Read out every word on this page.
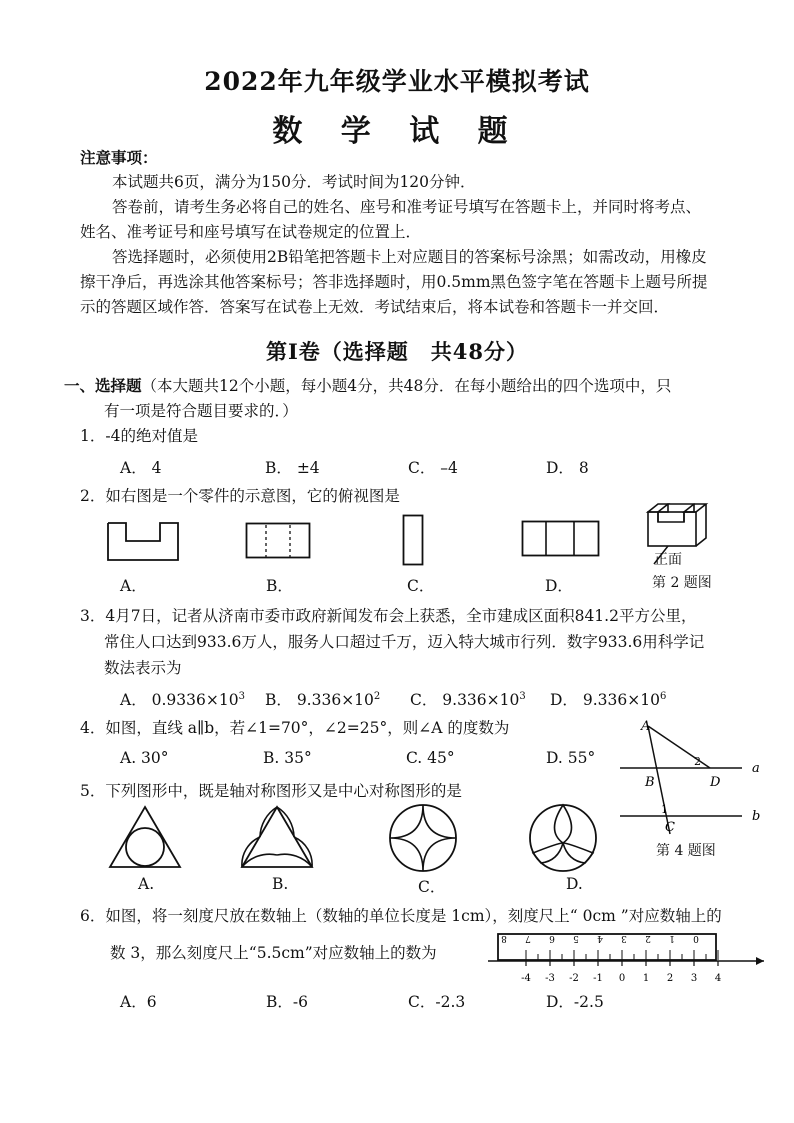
2022年九年级学业水平模拟考试
数 学 试 题
注意事项：
本试题共6页，满分为150分．考试时间为120分钟．
答卷前，请考生务必将自己的姓名、座号和准考证号填写在答题卡上，并同时将考点、
姓名、准考证号和座号填写在试卷规定的位置上．
答选择题时，必须使用2B铅笔把答题卡上对应题目的答案标号涂黑；如需改动，用橡皮
擦干净后，再选涂其他答案标号；答非选择题时，用0.5mm黑色签字笔在答题卡上题号所提
示的答题区域作答．答案写在试卷上无效．考试结束后，将本试卷和答题卡一并交回．
第Ⅰ卷（选择题　共48分）
一、选择题（本大题共12个小题，每小题4分，共48分．在每小题给出的四个选项中，只
有一项是符合题目要求的．）
1．-4的绝对值是
A． 4	B． ±4	C． –4	D． 8
2．如右图是一个零件的示意图，它的俯视图是
正面
A．	B．	C．	D．	第 2 题图
3．4月7日，记者从济南市委市政府新闻发布会上获悉，全市建成区面积841.2平方公里，
常住人口达到933.6万人，服务人口超过千万，迈入特大城市行列．数字933.6用科学记
数法表示为
A． $0.9336\times 10^3$ B． $9.336\times 10^2$ C． $9.336\times 10^3$ D． $9.336\times 10^6$
4．如图，直线 a∥b，若∠1=70°，∠2=25°，则∠A 的度数为
A. 30°	B. 35°	C. 45°	D. 55°
A
B	D
C
a
b
1
2
第 4 题图
5．下列图形中，既是轴对称图形又是中心对称图形的是
A.	B.	C．	D.
6．如图，将一刻度尺放在数轴上（数轴的单位长度是 1cm），刻度尺上“ 0cm ”对应数轴上的
数 3，那么刻度尺上“5.5cm”对应数轴上的数为
8 7 6 5 4 3 2 1 0
-4 -3 -2 -1 0 1 2 3 4
A．6	B．-6	C．-2.3	D．-2.5
